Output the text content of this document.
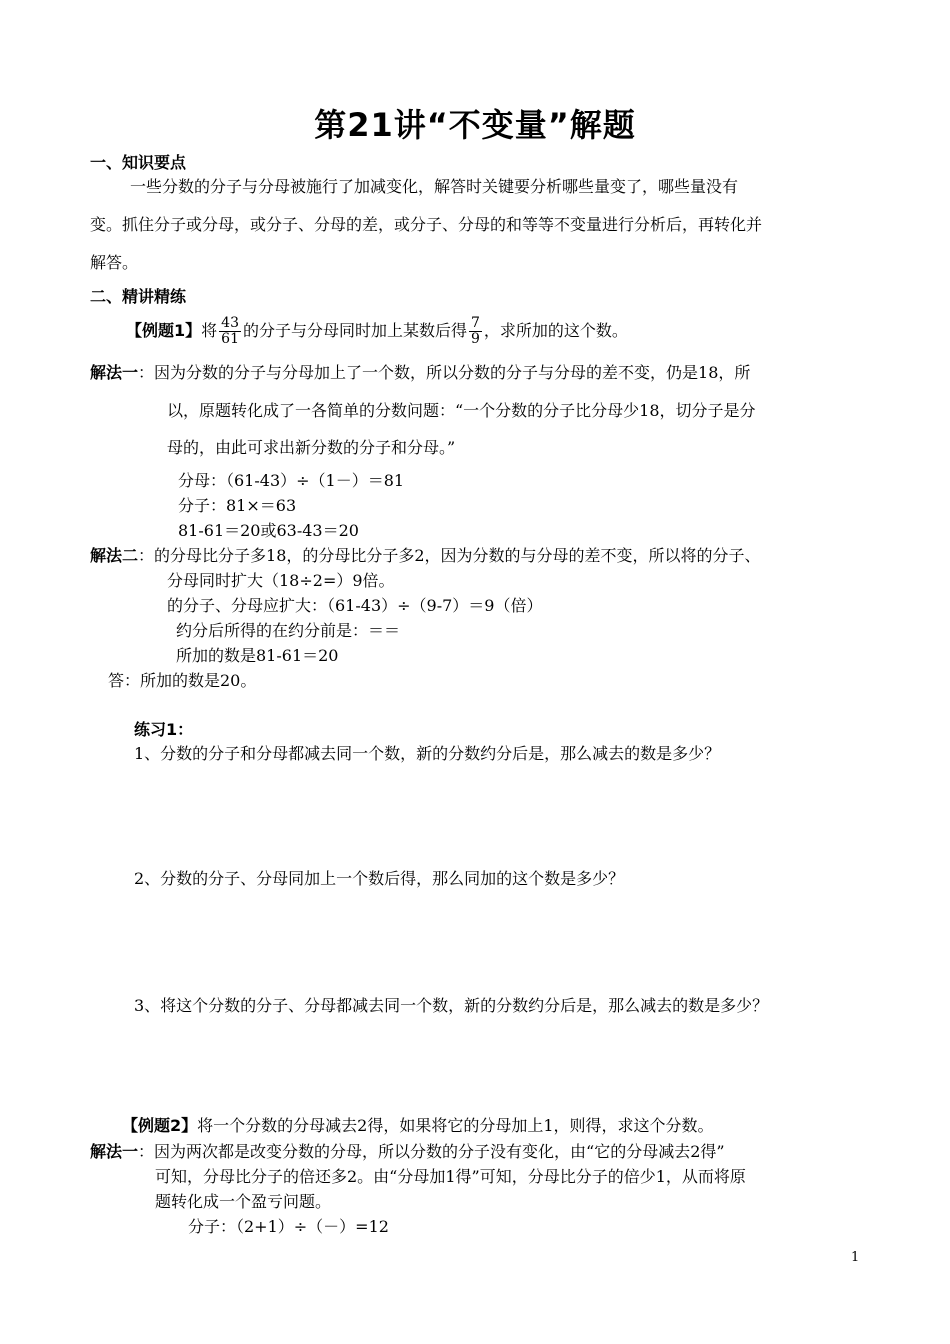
第21讲“不变量”解题
一、知识要点
一些分数的分子与分母被施行了加减变化，解答时关键要分析哪些量变了，哪些量没有
变。抓住分子或分母，或分子、分母的差，或分子、分母的和等等不变量进行分析后，再转化并
解答。
二、精讲精练
【例题1】将 $\frac{43}{61}$ 的分子与分母同时加上某数后得 $\frac{7}{9}$ ，求所加的这个数。
解法一：因为分数的分子与分母加上了一个数，所以分数的分子与分母的差不变，仍是18，所
以，原题转化成了一各简单的分数问题：“一个分数的分子比分母少18，切分子是分
母的，由此可求出新分数的分子和分母。”
分母：（61-43）÷（1－）＝81
分子：81×＝63
81-61＝20或63-43＝20
解法二：的分母比分子多18，的分母比分子多2，因为分数的与分母的差不变，所以将的分子、
分母同时扩大（18÷2=）9倍。
的分子、分母应扩大：（61-43）÷（9-7）＝9（倍）
约分后所得的在约分前是：＝＝
所加的数是81-61＝20
答：所加的数是20。
练习1：
1、分数的分子和分母都减去同一个数，新的分数约分后是，那么减去的数是多少？
2、分数的分子、分母同加上一个数后得，那么同加的这个数是多少？
3、将这个分数的分子、分母都减去同一个数，新的分数约分后是，那么减去的数是多少？
【例题2】将一个分数的分母减去2得，如果将它的分母加上1，则得，求这个分数。
解法一：因为两次都是改变分数的分母，所以分数的分子没有变化，由“它的分母减去2得”
可知，分母比分子的倍还多2。由“分母加1得”可知，分母比分子的倍少1，从而将原
题转化成一个盈亏问题。
分子：（2+1）÷（－）=12
1
